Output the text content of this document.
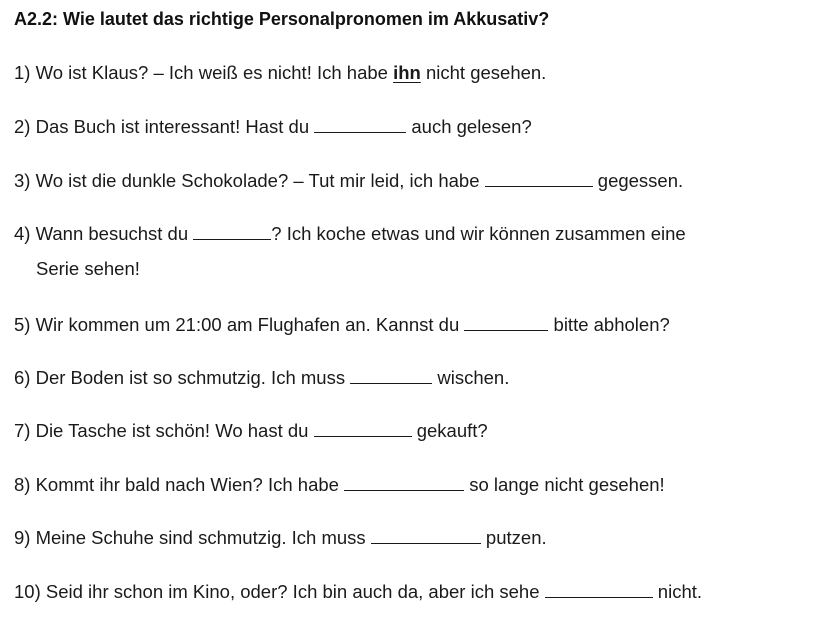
A2.2: Wie lautet das richtige Personalpronomen im Akkusativ?
1) Wo ist Klaus? – Ich weiß es nicht! Ich habe ihn nicht gesehen.
2) Das Buch ist interessant! Hast du	auch gelesen?
3) Wo ist die dunkle Schokolade? – Tut mir leid, ich habe	gegessen.
4) Wann besuchst du	? Ich koche etwas und wir können zusammen eine
Serie sehen!
5) Wir kommen um 21:00 am Flughafen an. Kannst du	bitte abholen?
6) Der Boden ist so schmutzig. Ich muss	wischen.
7) Die Tasche ist schön! Wo hast du	gekauft?
8) Kommt ihr bald nach Wien? Ich habe	so lange nicht gesehen!
9) Meine Schuhe sind schmutzig. Ich muss	putzen.
10) Seid ihr schon im Kino, oder? Ich bin auch da, aber ich sehe	nicht.
